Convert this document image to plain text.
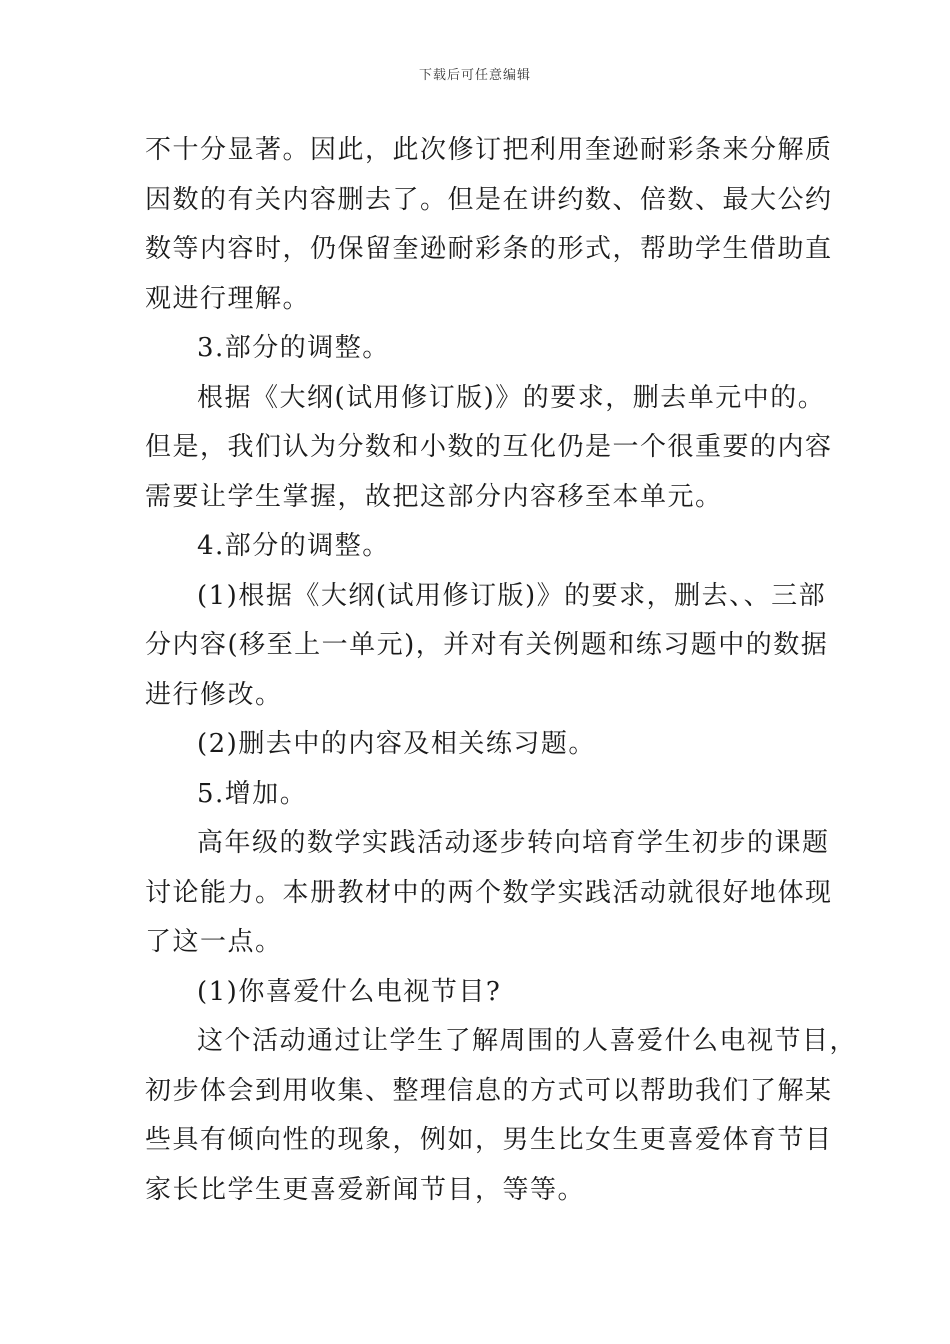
下载后可任意编辑
不十分显著。因此，此次修订把利用奎逊耐彩条来分解质
因数的有关内容删去了。但是在讲约数、倍数、最大公约
数等内容时，仍保留奎逊耐彩条的形式，帮助学生借助直
观进行理解。
3.部分的调整。
根据《大纲(试用修订版)》的要求，删去单元中的。
但是，我们认为分数和小数的互化仍是一个很重要的内容
需要让学生掌握，故把这部分内容移至本单元。
4.部分的调整。
(1)根据《大纲(试用修订版)》的要求，删去、、三部
分内容(移至上一单元)，并对有关例题和练习题中的数据
进行修改。
(2)删去中的内容及相关练习题。
5.增加。
高年级的数学实践活动逐步转向培育学生初步的课题
讨论能力。本册教材中的两个数学实践活动就很好地体现
了这一点。
(1)你喜爱什么电视节目?
这个活动通过让学生了解周围的人喜爱什么电视节目，
初步体会到用收集、整理信息的方式可以帮助我们了解某
些具有倾向性的现象，例如，男生比女生更喜爱体育节目
家长比学生更喜爱新闻节目，等等。
